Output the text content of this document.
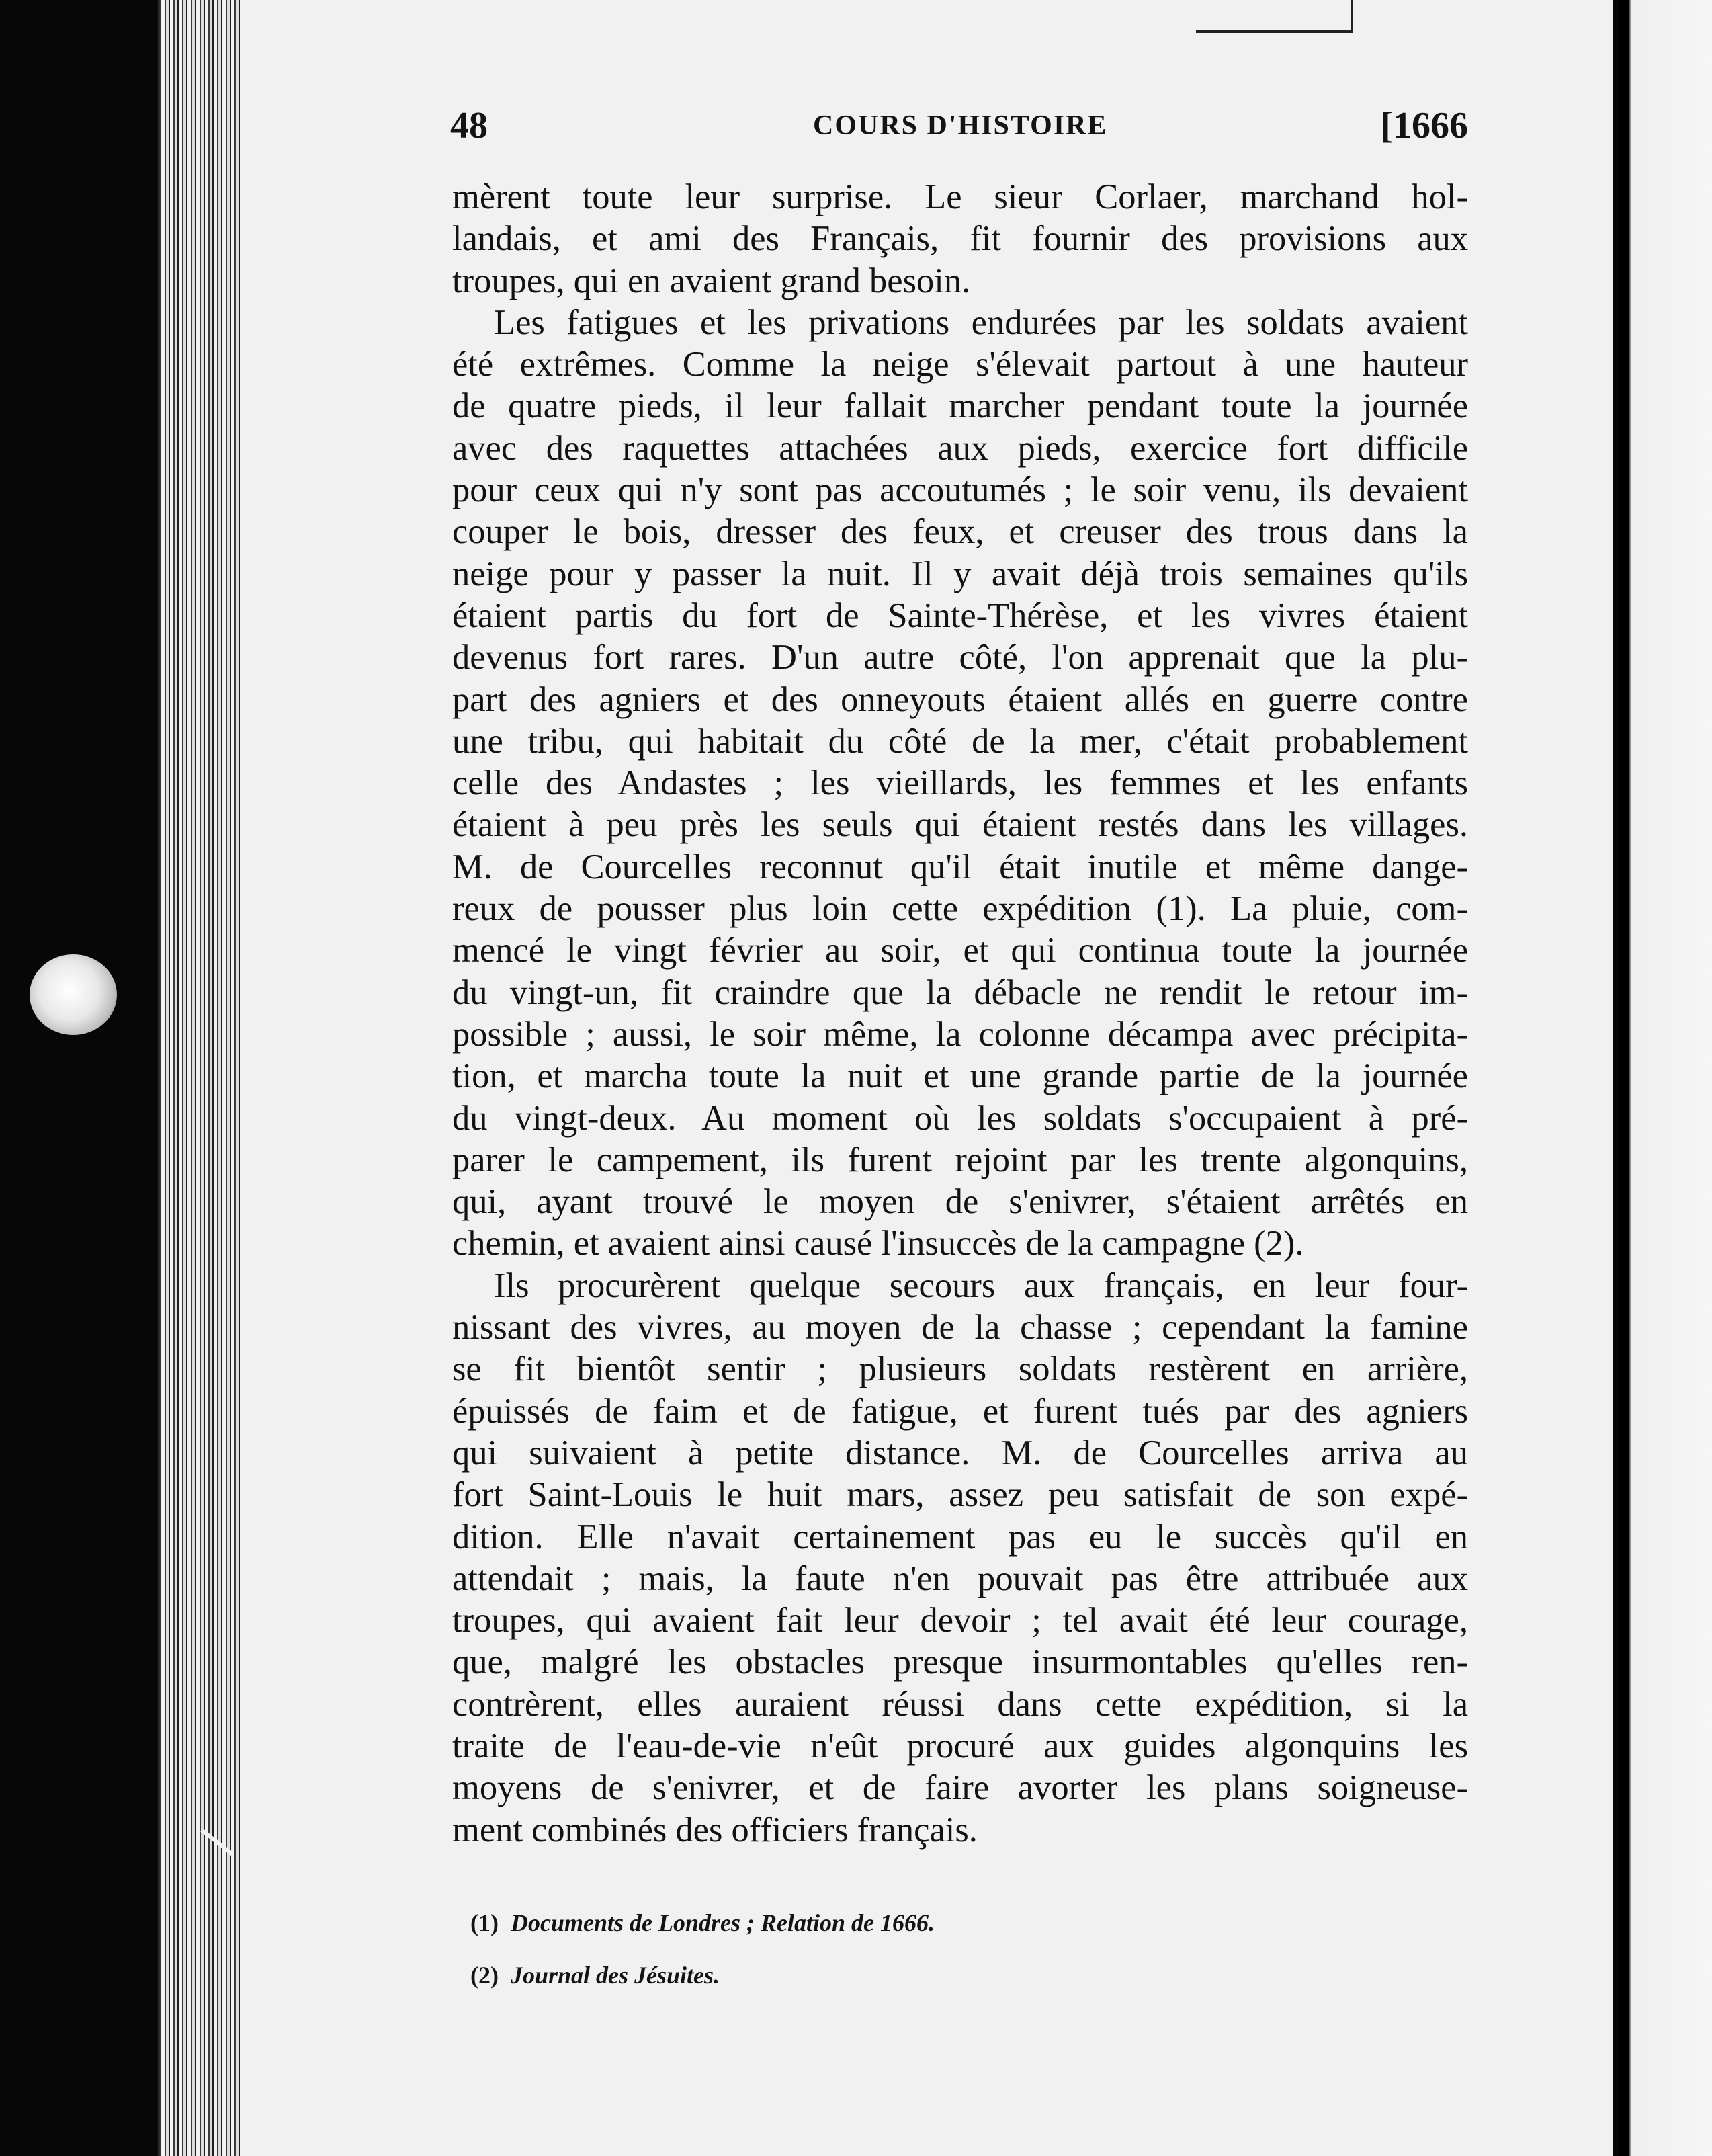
48	COURS D'HISTOIRE	[1666
mèrent toute leur surprise. Le sieur Corlaer, marchand hol-
landais, et ami des Français, fit fournir des provisions aux
troupes, qui en avaient grand besoin.
Les fatigues et les privations endurées par les soldats avaient
été extrêmes. Comme la neige s'élevait partout à une hauteur
de quatre pieds, il leur fallait marcher pendant toute la journée
avec des raquettes attachées aux pieds, exercice fort difficile
pour ceux qui n'y sont pas accoutumés ; le soir venu, ils devaient
couper le bois, dresser des feux, et creuser des trous dans la
neige pour y passer la nuit. Il y avait déjà trois semaines qu'ils
étaient partis du fort de Sainte-Thérèse, et les vivres étaient
devenus fort rares. D'un autre côté, l'on apprenait que la plu-
part des agniers et des onneyouts étaient allés en guerre contre
une tribu, qui habitait du côté de la mer, c'était probablement
celle des Andastes ; les vieillards, les femmes et les enfants
étaient à peu près les seuls qui étaient restés dans les villages.
M. de Courcelles reconnut qu'il était inutile et même dange-
reux de pousser plus loin cette expédition (1). La pluie, com-
mencé le vingt février au soir, et qui continua toute la journée
du vingt-un, fit craindre que la débacle ne rendit le retour im-
possible ; aussi, le soir même, la colonne décampa avec précipita-
tion, et marcha toute la nuit et une grande partie de la journée
du vingt-deux. Au moment où les soldats s'occupaient à pré-
parer le campement, ils furent rejoint par les trente algonquins,
qui, ayant trouvé le moyen de s'enivrer, s'étaient arrêtés en
chemin, et avaient ainsi causé l'insuccès de la campagne (2).
Ils procurèrent quelque secours aux français, en leur four-
nissant des vivres, au moyen de la chasse ; cependant la famine
se fit bientôt sentir ; plusieurs soldats restèrent en arrière,
épuissés de faim et de fatigue, et furent tués par des agniers
qui suivaient à petite distance. M. de Courcelles arriva au
fort Saint-Louis le huit mars, assez peu satisfait de son expé-
dition. Elle n'avait certainement pas eu le succès qu'il en
attendait ; mais, la faute n'en pouvait pas être attribuée aux
troupes, qui avaient fait leur devoir ; tel avait été leur courage,
que, malgré les obstacles presque insurmontables qu'elles ren-
contrèrent, elles auraient réussi dans cette expédition, si la
traite de l'eau-de-vie n'eût procuré aux guides algonquins les
moyens de s'enivrer, et de faire avorter les plans soigneuse-
ment combinés des officiers français.
(1) Documents de Londres ; Relation de 1666.
(2) Journal des Jésuites.
